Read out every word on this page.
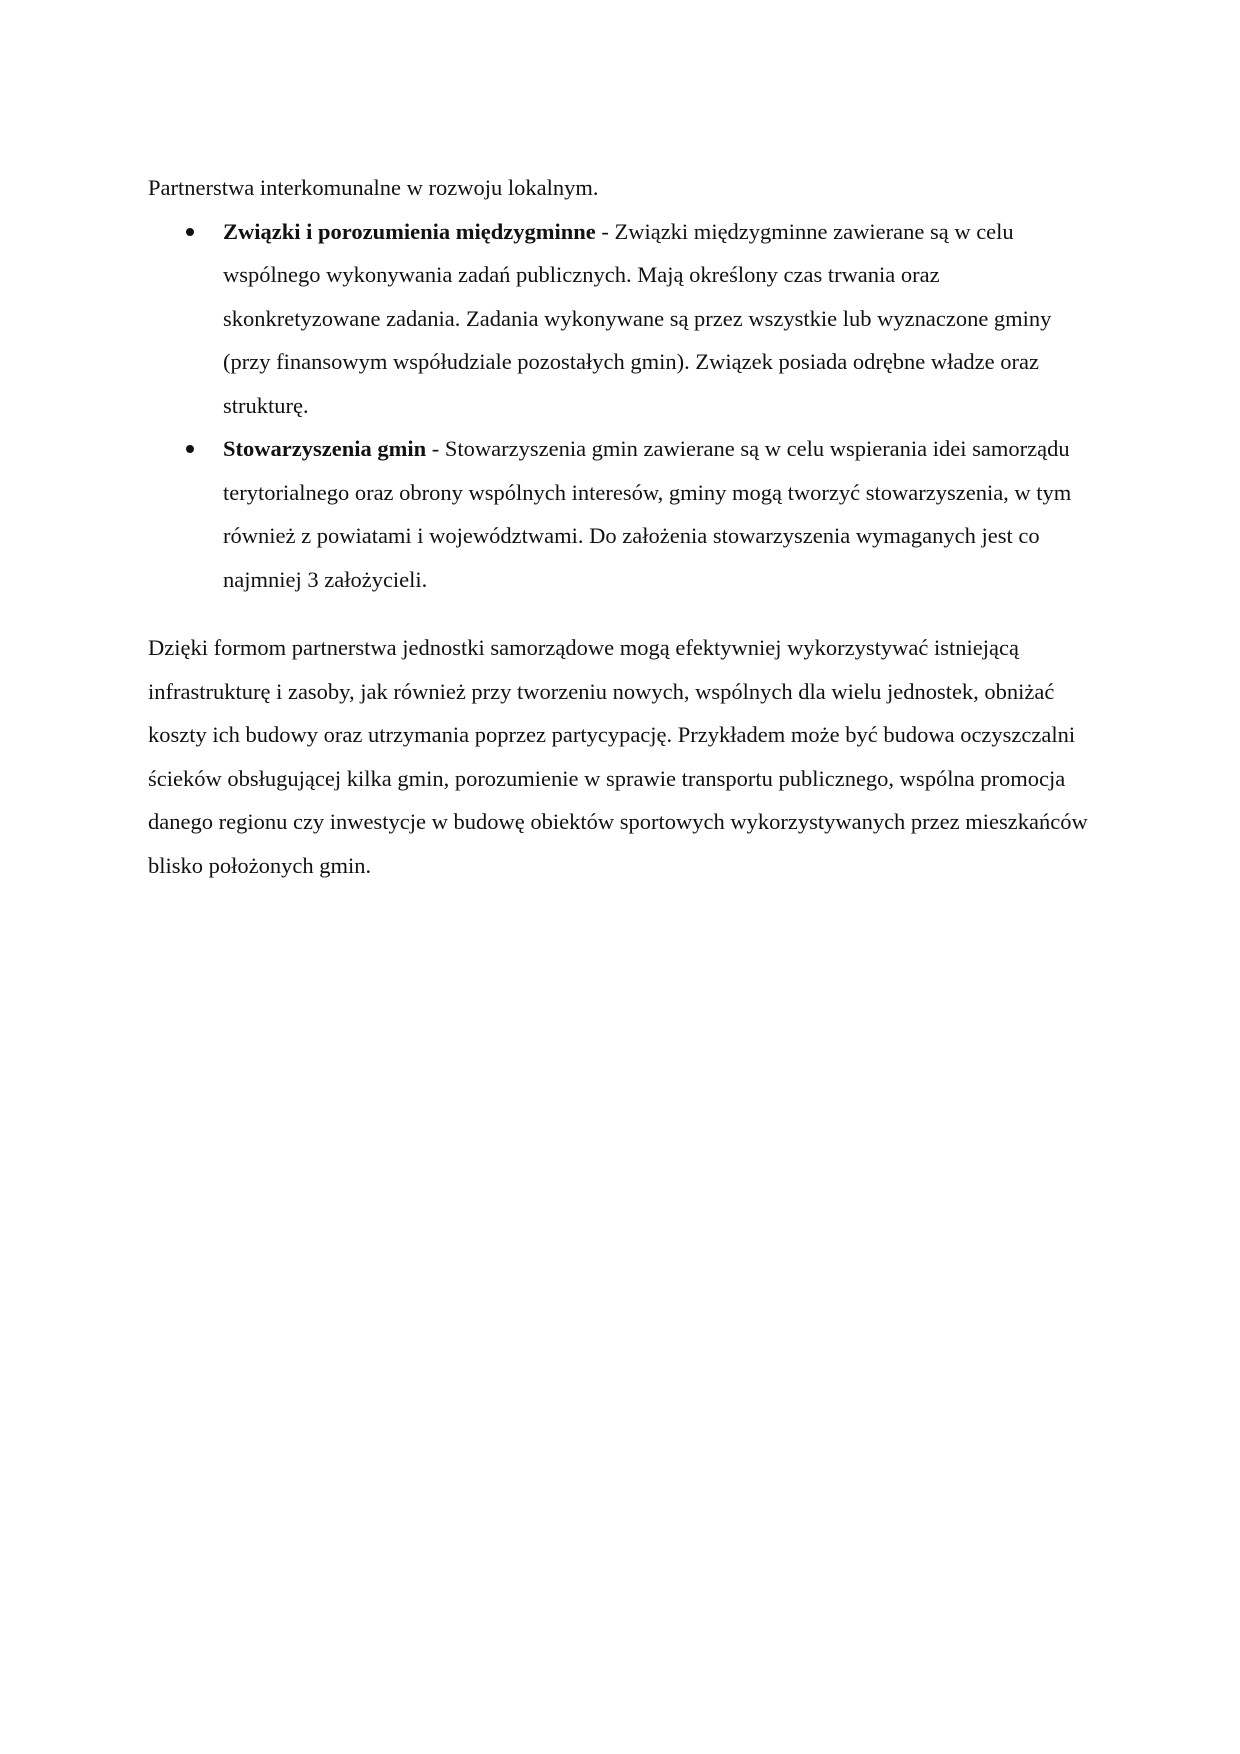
Partnerstwa interkomunalne w rozwoju lokalnym.

Związki i porozumienia międzygminne - Związki międzygminne zawierane są w celu wspólnego wykonywania zadań publicznych. Mają określony czas trwania oraz skonkretyzowane zadania. Zadania wykonywane są przez wszystkie lub wyznaczone gminy (przy finansowym współudziale pozostałych gmin). Związek posiada odrębne władze oraz strukturę.
Stowarzyszenia gmin - Stowarzyszenia gmin zawierane są w celu wspierania idei samorządu terytorialnego oraz obrony wspólnych interesów, gminy mogą tworzyć stowarzyszenia, w tym również z powiatami i województwami. Do założenia stowarzyszenia wymaganych jest co najmniej 3 założycieli.

Dzięki formom partnerstwa jednostki samorządowe mogą efektywniej wykorzystywać istniejącą infrastrukturę i zasoby, jak również przy tworzeniu nowych, wspólnych dla wielu jednostek, obniżać koszty ich budowy oraz utrzymania poprzez partycypację. Przykładem może być budowa oczyszczalni ścieków obsługującej kilka gmin, porozumienie w sprawie transportu publicznego, wspólna promocja danego regionu czy inwestycje w budowę obiektów sportowych wykorzystywanych przez mieszkańców blisko położonych gmin.
